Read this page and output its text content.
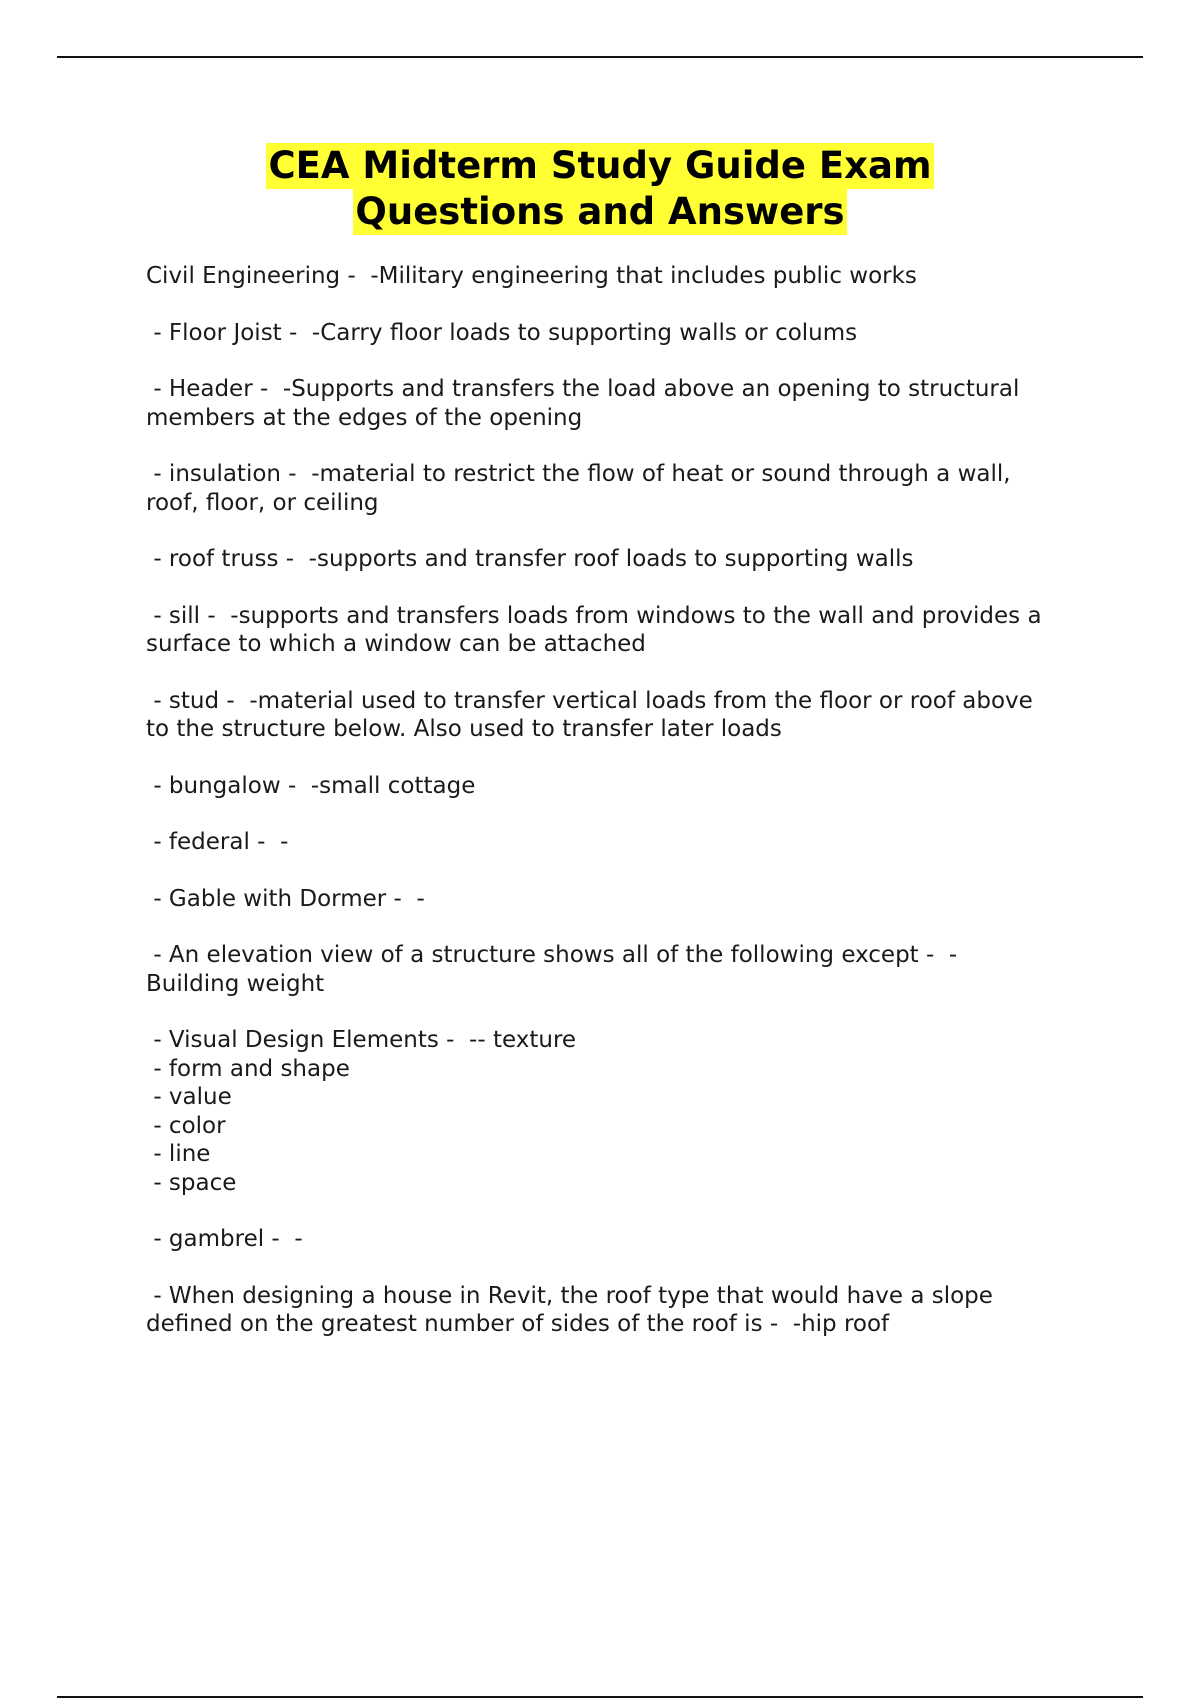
CEA Midterm Study Guide Exam
Questions and Answers
Civil Engineering -  -Military engineering that includes public works
- Floor Joist -  -Carry floor loads to supporting walls or colums
- Header -  -Supports and transfers the load above an opening to structural
members at the edges of the opening
- insulation -  -material to restrict the flow of heat or sound through a wall,
roof, floor, or ceiling
- roof truss -  -supports and transfer roof loads to supporting walls
- sill -  -supports and transfers loads from windows to the wall and provides a
surface to which a window can be attached
- stud -  -material used to transfer vertical loads from the floor or roof above
to the structure below. Also used to transfer later loads
- bungalow -  -small cottage
- federal -  -
- Gable with Dormer -  -
- An elevation view of a structure shows all of the following except -  -
Building weight
- Visual Design Elements -  -- texture
- form and shape
- value
- color
- line
- space
- gambrel -  -
- When designing a house in Revit, the roof type that would have a slope
defined on the greatest number of sides of the roof is -  -hip roof
